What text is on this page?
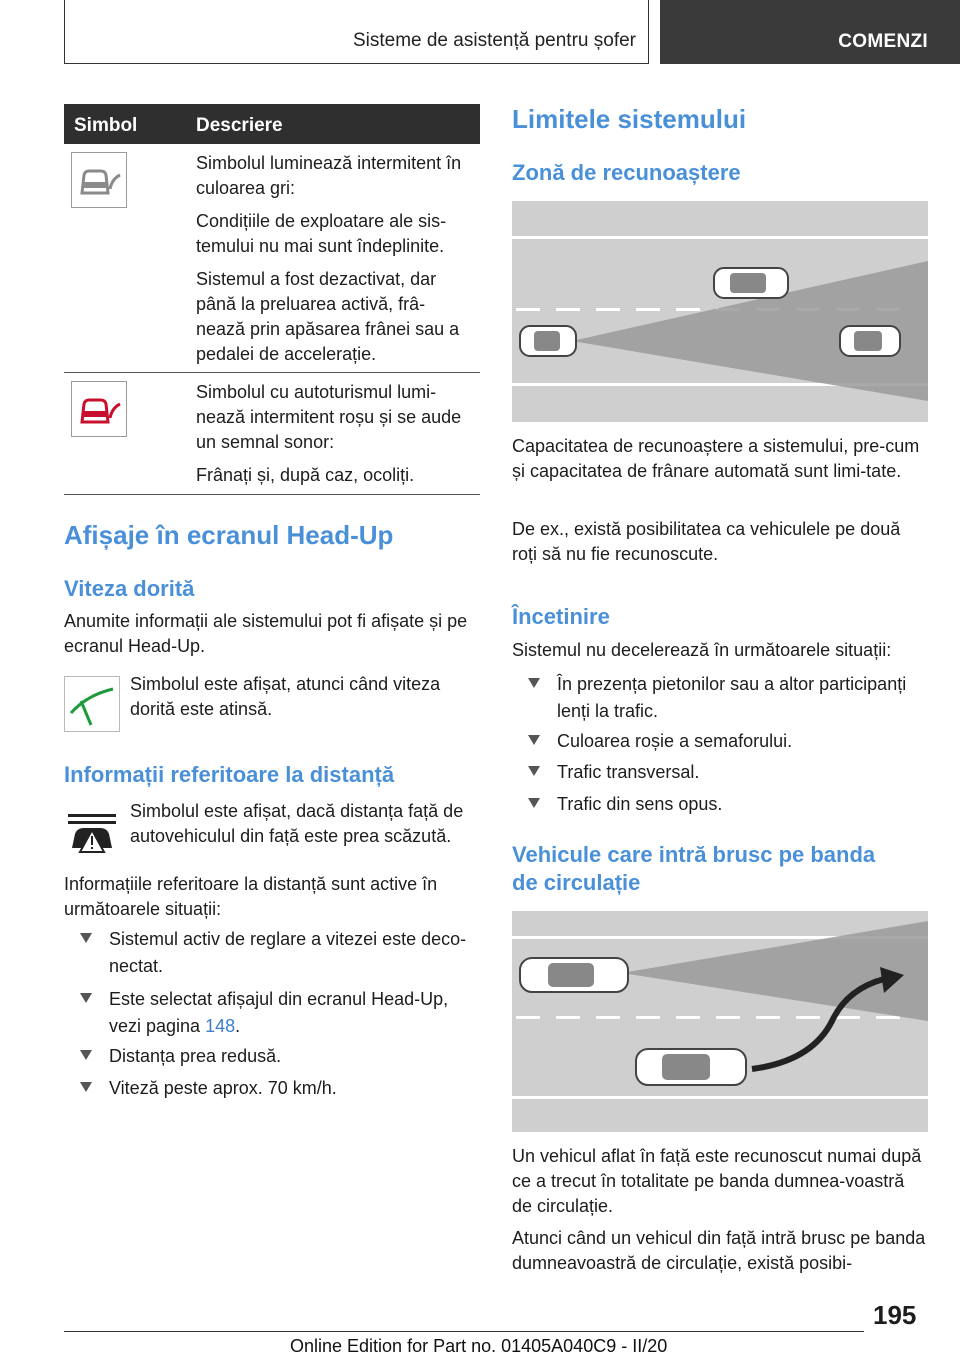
Sisteme de asistență pentru șofer	COMENZI
Simbol	Descriere
Simbolul luminează intermitent în culoarea gri:
Condițiile de exploatare ale sis-temului nu mai sunt îndeplinite.
Sistemul a fost dezactivat, dar până la preluarea activă, frâ-nează prin apăsarea frânei sau a pedalei de accelerație.
Simbolul cu autoturismul lumi-nează intermitent roșu și se aude un semnal sonor:
Frânați și, după caz, ocoliți.
Afișaje în ecranul Head-Up
Viteza dorită
Anumite informații ale sistemului pot fi afișate și pe ecranul Head-Up.
Simbolul este afișat, atunci când viteza dorită este atinsă.
Informații referitoare la distanță
Simbolul este afișat, dacă distanța față de autovehiculul din față este prea scăzută.
Informațiile referitoare la distanță sunt active în următoarele situații:
Sistemul activ de reglare a vitezei este deco-
nectat.
Este selectat afișajul din ecranul Head-Up,
vezi pagina 148.
Distanța prea redusă.
Viteză peste aprox. 70 km/h.
Limitele sistemului
Zonă de recunoaștere
Capacitatea de recunoaștere a sistemului, pre-cum și capacitatea de frânare automată sunt limi-tate.
De ex., există posibilitatea ca vehiculele pe două roți să nu fie recunoscute.
Încetinire
Sistemul nu decelerează în următoarele situații:
În prezența pietonilor sau a altor participanți
lenți la trafic.
Culoarea roșie a semaforului.
Trafic transversal.
Trafic din sens opus.
Vehicule care intră brusc pe banda
de circulație
Un vehicul aflat în față este recunoscut numai după ce a trecut în totalitate pe banda dumnea-voastră de circulație.
Atunci când un vehicul din față intră brusc pe banda dumneavoastră de circulație, există posibi-
195
Online Edition for Part no. 01405A040C9 - II/20
